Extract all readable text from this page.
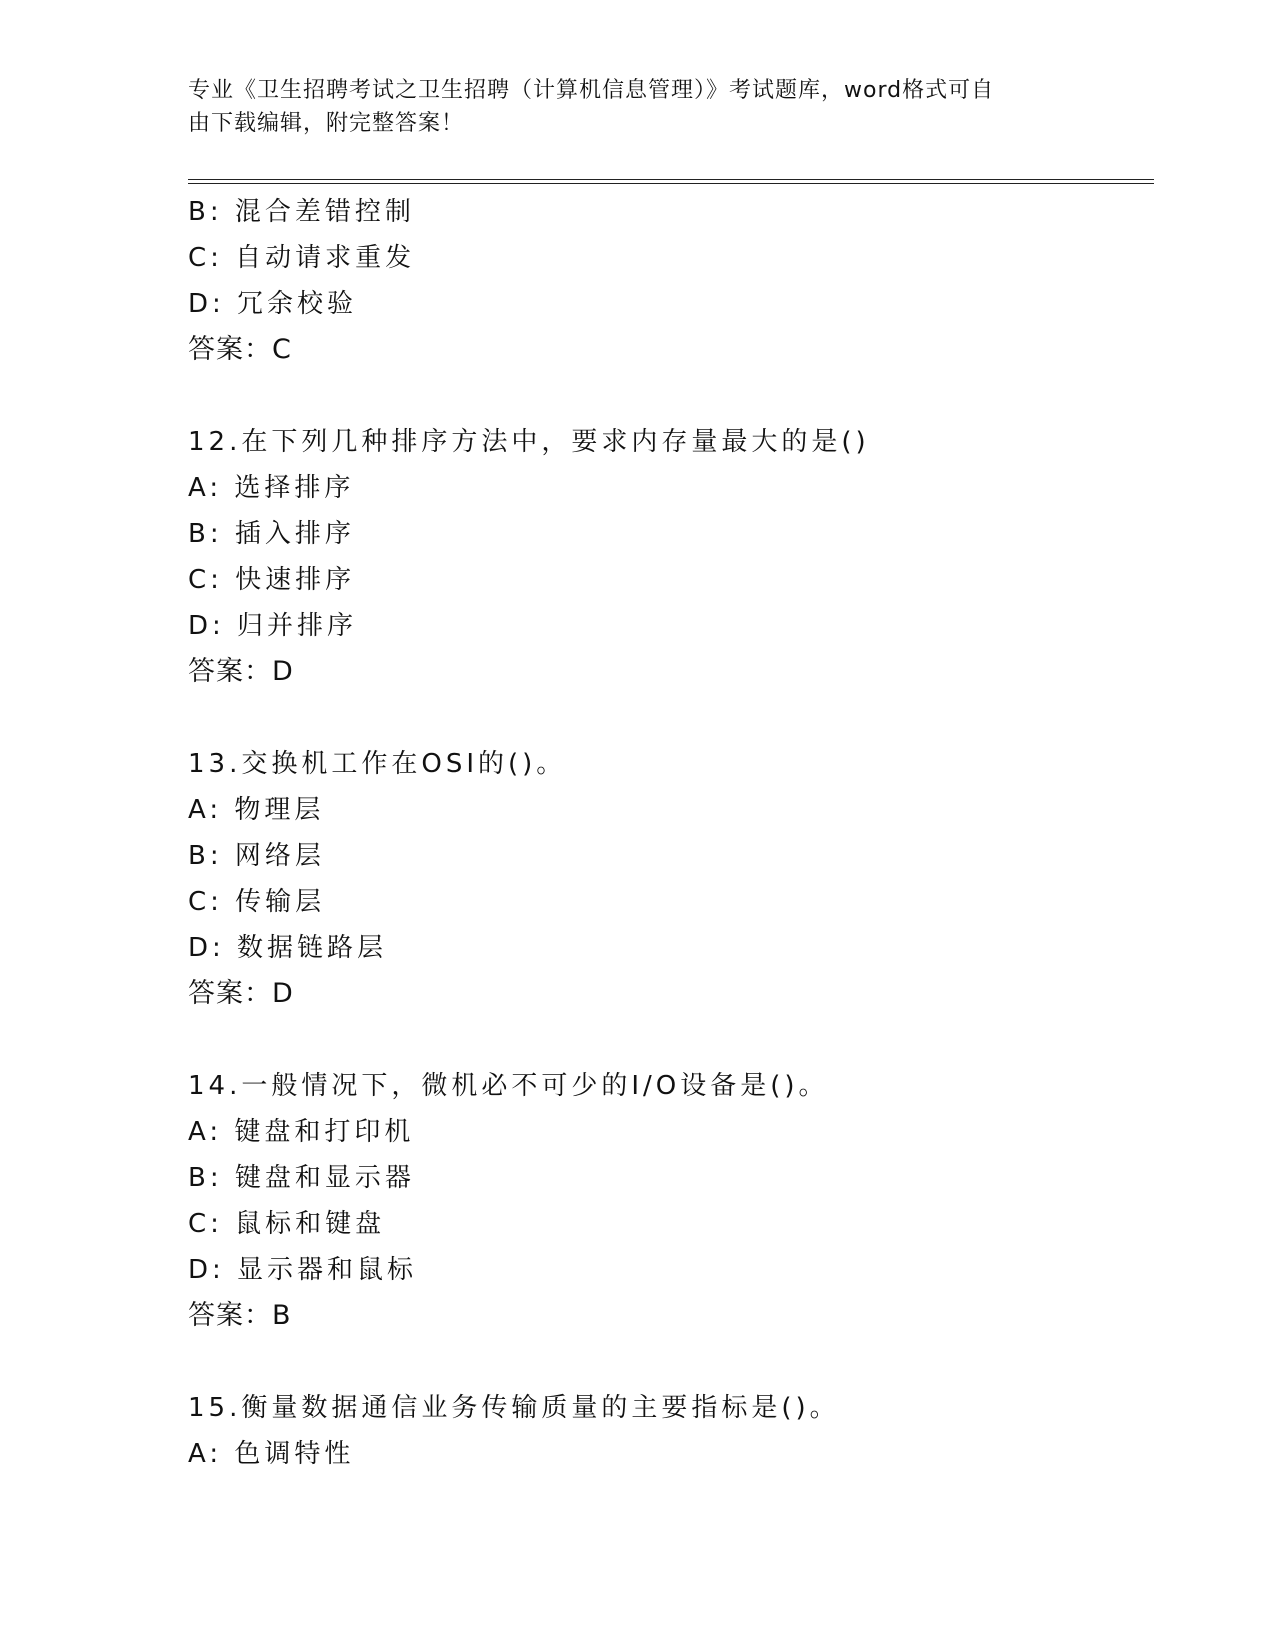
专业《卫生招聘考试之卫生招聘（计算机信息管理）》考试题库，word格式可自
由下载编辑，附完整答案！
B: 混合差错控制
C: 自动请求重发
D: 冗余校验
答案：C
12.在下列几种排序方法中，要求内存量最大的是()
A: 选择排序
B: 插入排序
C: 快速排序
D: 归并排序
答案：D
13.交换机工作在OSI的()。
A: 物理层
B: 网络层
C: 传输层
D: 数据链路层
答案：D
14.一般情况下，微机必不可少的I/O设备是()。
A: 键盘和打印机
B: 键盘和显示器
C: 鼠标和键盘
D: 显示器和鼠标
答案：B
15.衡量数据通信业务传输质量的主要指标是()。
A: 色调特性
